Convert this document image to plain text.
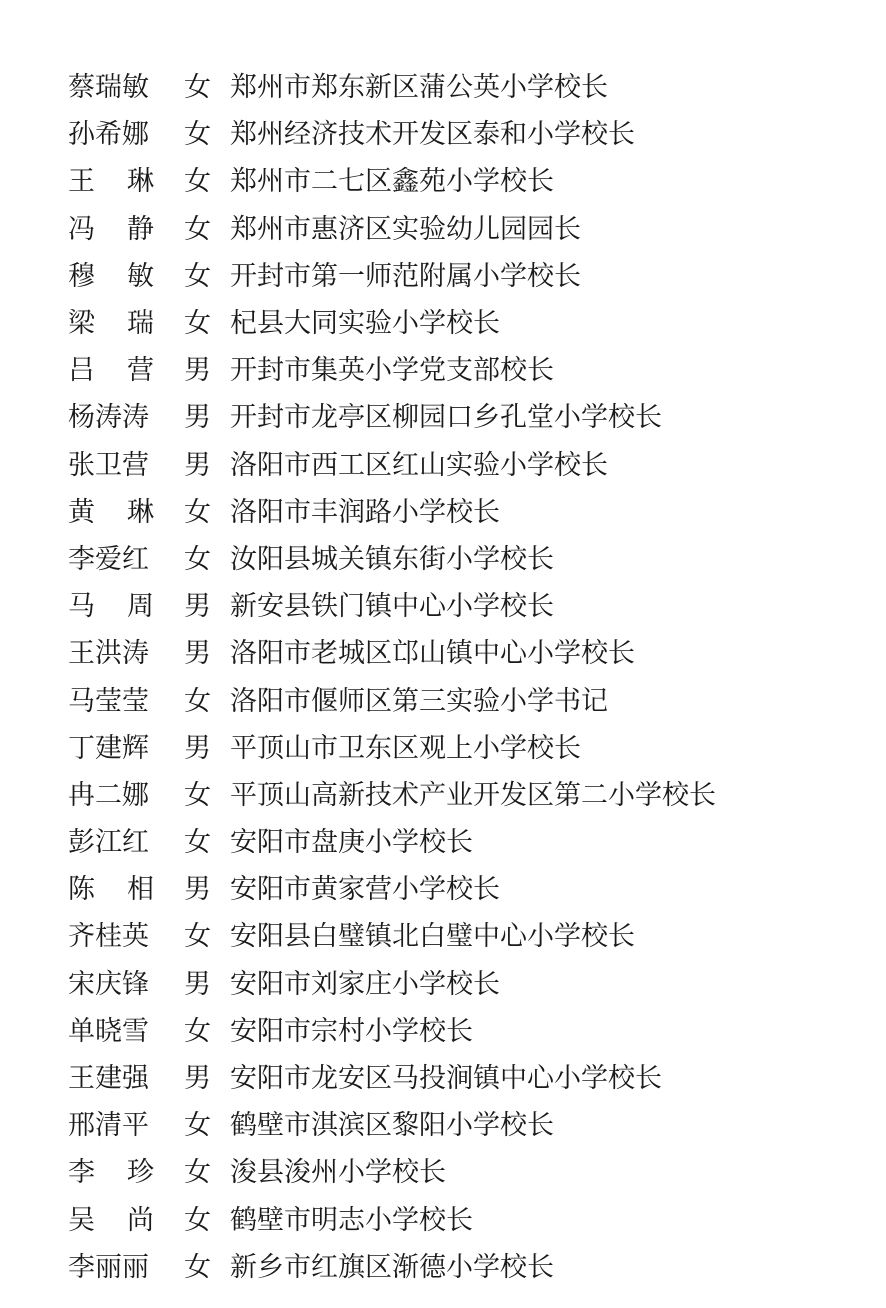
蔡瑞敏 女 郑州市郑东新区蒲公英小学校长
孙希娜 女 郑州经济技术开发区泰和小学校长
王 琳 女 郑州市二七区鑫苑小学校长
冯 静 女 郑州市惠济区实验幼儿园园长
穆 敏 女 开封市第一师范附属小学校长
梁 瑞 女 杞县大同实验小学校长
吕 营 男 开封市集英小学党支部校长
杨涛涛 男 开封市龙亭区柳园口乡孔堂小学校长
张卫营 男 洛阳市西工区红山实验小学校长
黄 琳 女 洛阳市丰润路小学校长
李爱红 女 汝阳县城关镇东街小学校长
马 周 男 新安县铁门镇中心小学校长
王洪涛 男 洛阳市老城区邙山镇中心小学校长
马莹莹 女 洛阳市偃师区第三实验小学书记
丁建辉 男 平顶山市卫东区观上小学校长
冉二娜 女 平顶山高新技术产业开发区第二小学校长
彭江红 女 安阳市盘庚小学校长
陈 相 男 安阳市黄家营小学校长
齐桂英 女 安阳县白璧镇北白璧中心小学校长
宋庆锋 男 安阳市刘家庄小学校长
单晓雪 女 安阳市宗村小学校长
王建强 男 安阳市龙安区马投涧镇中心小学校长
邢清平 女 鹤壁市淇滨区黎阳小学校长
李 珍 女 浚县浚州小学校长
吴 尚 女 鹤壁市明志小学校长
李丽丽 女 新乡市红旗区渐德小学校长
